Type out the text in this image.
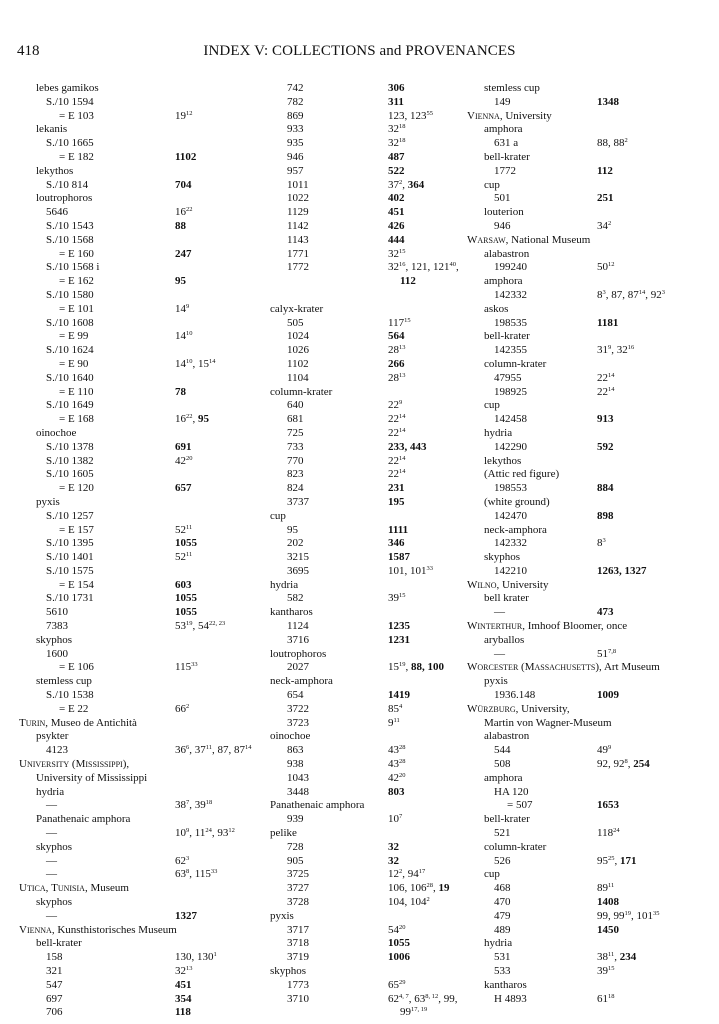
418	INDEX V: COLLECTIONS and PROVENANCES
lebes gamikos
S./10 1594
= E 103	$19^{12}$
lekanis
S./10 1665
= E 182	1102
lekythos
S./10 814	704
loutrophoros
5646	$16^{22}$
S./10 1543	88
S./10 1568
= E 160	247
S./10 1568 i
= E 162	95
S./10 1580
= E 101	$14^9$
S./10 1608
= E 99	$14^{10}$
S./10 1624
= E 90	$14^{10}$, $15^{14}$
S./10 1640
= E 110	78
S./10 1649
= E 168	$16^{22}$, 95
oinochoe
S./10 1378	691
S./10 1382	$42^{20}$
S./10 1605
= E 120	657
pyxis
S./10 1257
= E 157	$52^{11}$
S./10 1395	1055
S./10 1401	$52^{11}$
S./10 1575
= E 154	603
S./10 1731	1055
5610	1055
7383	$53^{19}$, 54$^{22, 23}$
skyphos
1600
= E 106	$115^{33}$
stemless cup
S./10 1538
= E 22	$66^2$
Turin, Museo de Antichità
psykter
4123	$36^6$, $37^{11}$, 87, $87^{14}$
University (Mississippi),
University of Mississippi
hydria
—	$38^7$, $39^{18}$
Panathenaic amphora
—	$10^9$, $11^{24}$, $93^{12}$
skyphos
—	$62^3$
—	$63^8$, $115^{33}$
Utica, Tunisia, Museum
skyphos
—	1327
Vienna, Kunsthistorisches Museum
bell-krater
158	130, $130^1$
321	$32^{13}$
547	451
697	354
706	118
742	306
782	311
869	123, $123^{55}$
933	$32^{18}$
935	$32^{18}$
946	487
957	522
1011	$37^2$, 364
1022	402
1129	451
1142	426
1143	444
1771	$32^{15}$
1772	$32^{16}$, 121, $121^{40}$,
112
calyx-krater
505	$117^{15}$
1024	564
1026	$28^{13}$
1102	266
1104	$28^{13}$
column-krater
640	$22^9$
681	$22^{14}$
725	$22^{14}$
733	233, 443
770	$22^{14}$
823	$22^{14}$
824	231
3737	195
cup
95	1111
202	346
3215	1587
3695	101, $101^{33}$
hydria
582	$39^{15}$
kantharos
1124	1235
3716	1231
loutrophoros
2027	$15^{19}$, 88, 100
neck-amphora
654	1419
3722	$85^4$
3723	$9^{11}$
oinochoe
863	$43^{28}$
938	$43^{28}$
1043	$42^{20}$
3448	803
Panathenaic amphora
939	$10^7$
pelike
728	32
905	32
3725	$12^2$, $94^{17}$
3727	106, $106^{28}$, 19
3728	104, $104^2$
pyxis
3717	$54^{20}$
3718	1055
3719	1006
skyphos
1773	$65^{29}$
3710	62$^{4, 7}$, 63$^{8, 12}$, 99,
99$^{17, 19}$
stemless cup
149	1348
Vienna, University
amphora
631 a	88, $88^2$
bell-krater
1772	112
cup
501	251
louterion
946	$34^2$
Warsaw, National Museum
alabastron
199240	$50^{12}$
amphora
142332	$8^3$, 87, $87^{14}$, $92^3$
askos
198535	1181
bell-krater
142355	$31^9$, $32^{16}$
column-krater
47955	$22^{14}$
198925	$22^{14}$
cup
142458	913
hydria
142290	592
lekythos
(Attic red figure)
198553	884
(white ground)
142470	898
neck-amphora
142332	$8^3$
skyphos
142210	1263, 1327
Wilno, University
bell krater
—	473
Winterthur, Imhoof Bloomer, once
aryballos
—	51$^{7,8}$
Worcester (Massachusetts), Art Museum
pyxis
1936.148	1009
Würzburg, University,
Martin von Wagner-Museum
alabastron
544	$49^9$
508	92, $92^8$, 254
amphora
HA 120
= 507	1653
bell-krater
521	$118^{24}$
column-krater
526	$95^{25}$, 171
cup
468	$89^{11}$
470	1408
479	99, $99^{19}$, $101^{35}$
489	1450
hydria
531	$38^{11}$, 234
533	$39^{15}$
kantharos
H 4893	$61^{18}$
